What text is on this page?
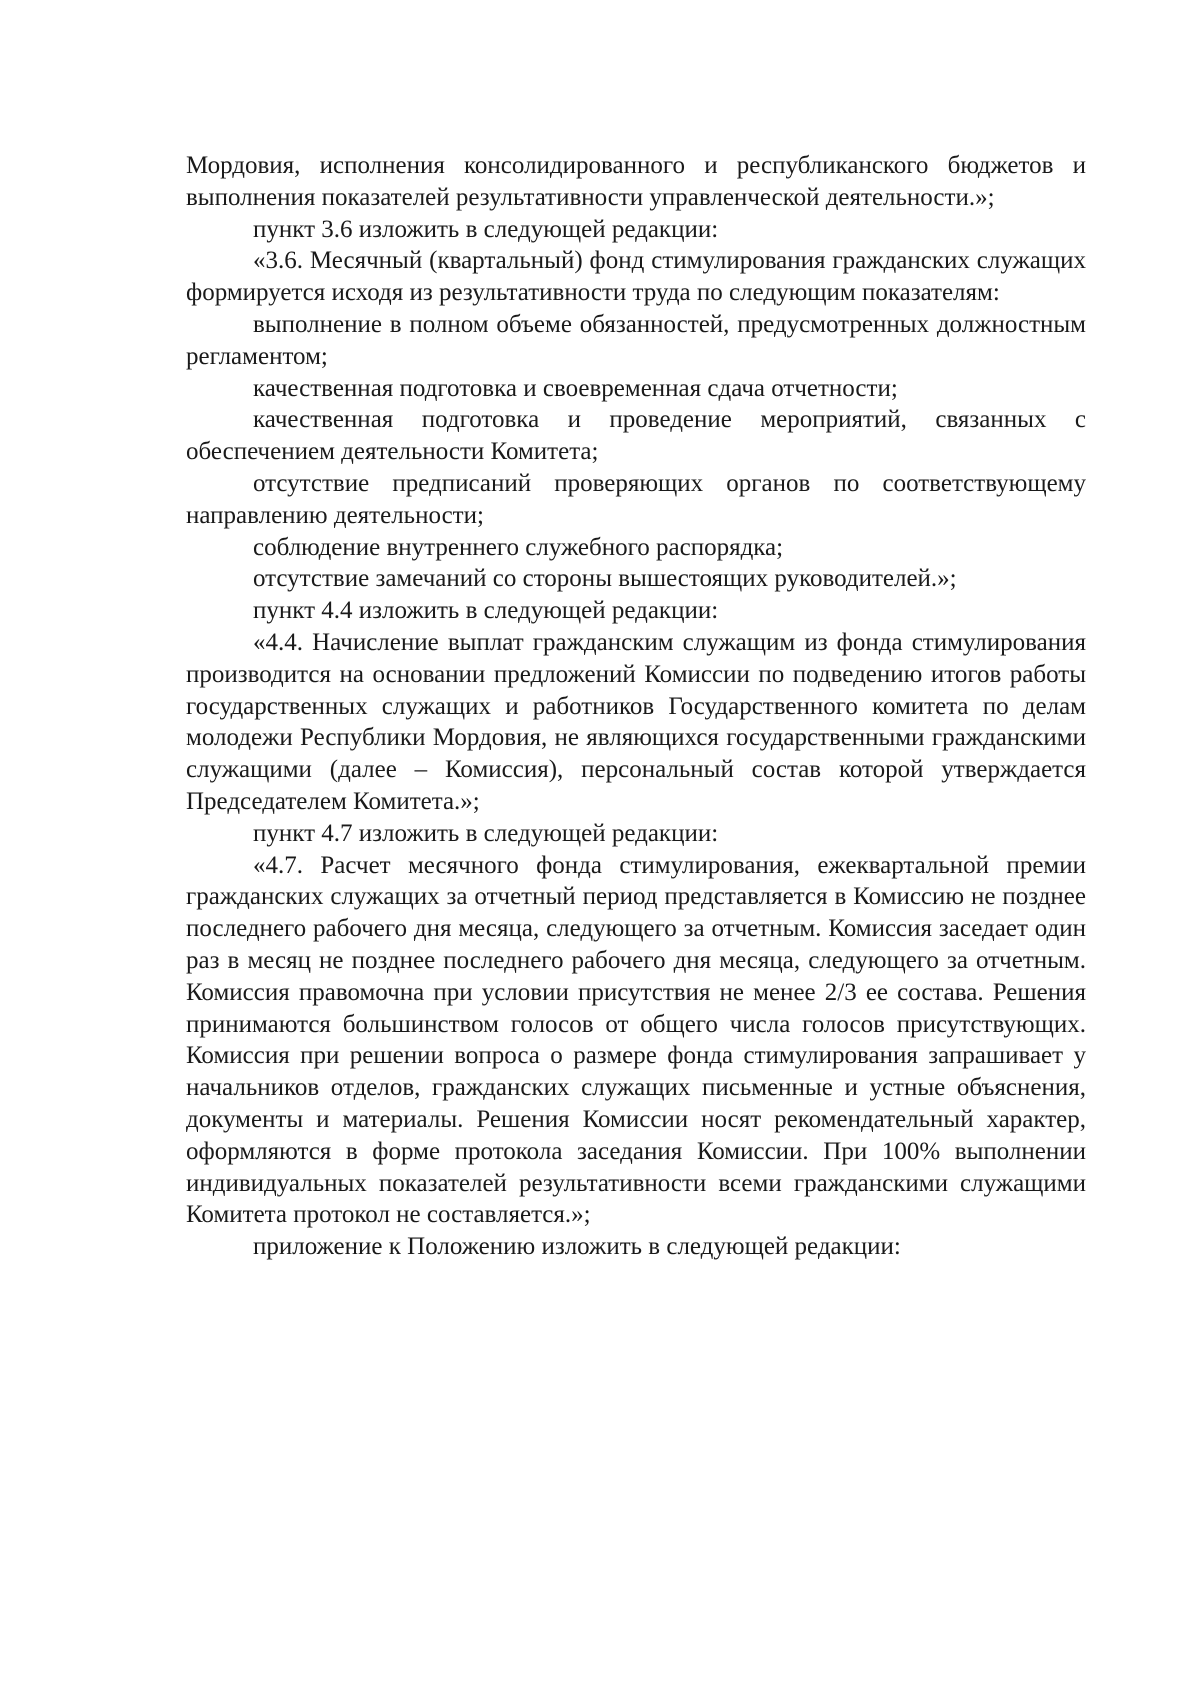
Мордовия, исполнения консолидированного и республиканского бюджетов и выполнения показателей результативности управленческой деятельности.»;

пункт 3.6 изложить в следующей редакции:

«3.6. Месячный (квартальный) фонд стимулирования гражданских служащих формируется исходя из результативности труда по следующим показателям:

выполнение в полном объеме обязанностей, предусмотренных должностным регламентом;

качественная подготовка и своевременная сдача отчетности;

качественная подготовка и проведение мероприятий, связанных с обеспечением деятельности Комитета;

отсутствие предписаний проверяющих органов по соответствующему направлению деятельности;

соблюдение внутреннего служебного распорядка;

отсутствие замечаний со стороны вышестоящих руководителей.»;

пункт 4.4 изложить в следующей редакции:

«4.4. Начисление выплат гражданским служащим из фонда стимулирования производится на основании предложений Комиссии по подведению итогов работы государственных служащих и работников Государственного комитета по делам молодежи Республики Мордовия, не являющихся государственными гражданскими служащими (далее – Комиссия), персональный состав которой утверждается Председателем Комитета.»;

пункт 4.7 изложить в следующей редакции:

«4.7. Расчет месячного фонда стимулирования, ежеквартальной премии гражданских служащих за отчетный период представляется в Комиссию не позднее последнего рабочего дня месяца, следующего за отчетным. Комиссия заседает один раз в месяц не позднее последнего рабочего дня месяца, следующего за отчетным. Комиссия правомочна при условии присутствия не менее 2/3 ее состава. Решения принимаются большинством голосов от общего числа голосов присутствующих. Комиссия при решении вопроса о размере фонда стимулирования запрашивает у начальников отделов, гражданских служащих письменные и устные объяснения, документы и материалы. Решения Комиссии носят рекомендательный характер, оформляются в форме протокола заседания Комиссии. При 100% выполнении индивидуальных показателей результативности всеми гражданскими служащими Комитета протокол не составляется.»;

приложение к Положению изложить в следующей редакции:
